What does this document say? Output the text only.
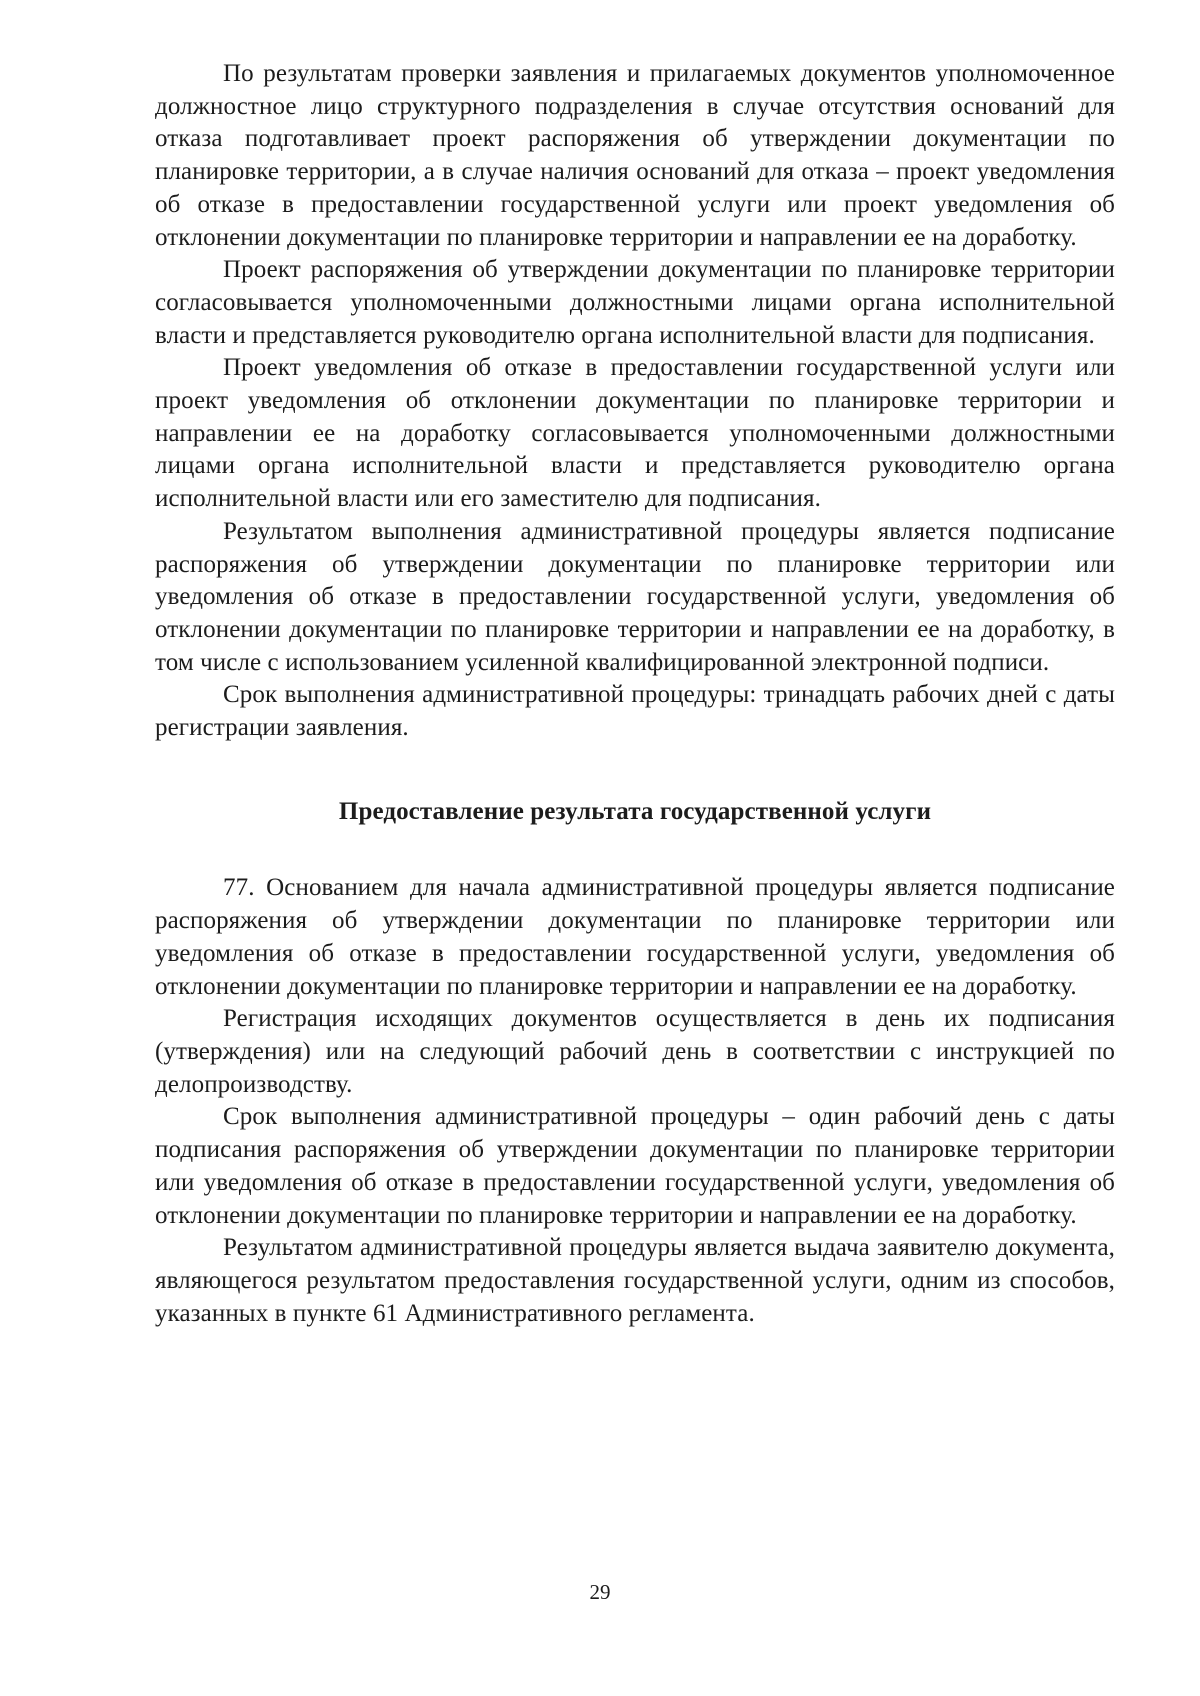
По результатам проверки заявления и прилагаемых документов уполномоченное должностное лицо структурного подразделения в случае отсутствия оснований для отказа подготавливает проект распоряжения об утверждении документации по планировке территории, а в случае наличия оснований для отказа – проект уведомления об отказе в предоставлении государственной услуги или проект уведомления об отклонении документации по планировке территории и направлении ее на доработку.

Проект распоряжения об утверждении документации по планировке территории согласовывается уполномоченными должностными лицами органа исполнительной власти и представляется руководителю органа исполнительной власти для подписания.

Проект уведомления об отказе в предоставлении государственной услуги или проект уведомления об отклонении документации по планировке территории и направлении ее на доработку согласовывается уполномоченными должностными лицами органа исполнительной власти и представляется руководителю органа исполнительной власти или его заместителю для подписания.

Результатом выполнения административной процедуры является подписание распоряжения об утверждении документации по планировке территории или уведомления об отказе в предоставлении государственной услуги, уведомления об отклонении документации по планировке территории и направлении ее на доработку, в том числе с использованием усиленной квалифицированной электронной подписи.

Срок выполнения административной процедуры: тринадцать рабочих дней с даты регистрации заявления.

Предоставление результата государственной услуги

77. Основанием для начала административной процедуры является подписание распоряжения об утверждении документации по планировке территории или уведомления об отказе в предоставлении государственной услуги, уведомления об отклонении документации по планировке территории и направлении ее на доработку.

Регистрация исходящих документов осуществляется в день их подписания (утверждения) или на следующий рабочий день в соответствии с инструкцией по делопроизводству.

Срок выполнения административной процедуры – один рабочий день с даты подписания распоряжения об утверждении документации по планировке территории или уведомления об отказе в предоставлении государственной услуги, уведомления об отклонении документации по планировке территории и направлении ее на доработку.

Результатом административной процедуры является выдача заявителю документа, являющегося результатом предоставления государственной услуги, одним из способов, указанных в пункте 61 Административного регламента.

29
